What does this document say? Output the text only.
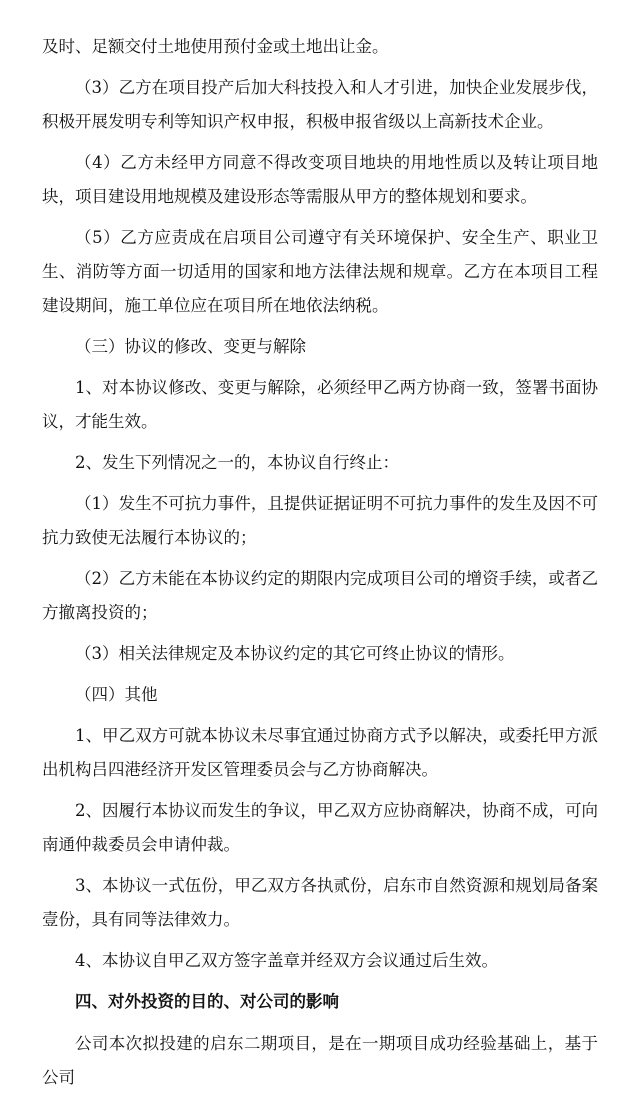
及时、足额交付土地使用预付金或土地出让金。

（3）乙方在项目投产后加大科技投入和人才引进，加快企业发展步伐，积极开展发明专利等知识产权申报，积极申报省级以上高新技术企业。

（4）乙方未经甲方同意不得改变项目地块的用地性质以及转让项目地块，项目建设用地规模及建设形态等需服从甲方的整体规划和要求。

（5）乙方应责成在启项目公司遵守有关环境保护、安全生产、职业卫生、消防等方面一切适用的国家和地方法律法规和规章。乙方在本项目工程建设期间，施工单位应在项目所在地依法纳税。

（三）协议的修改、变更与解除

1、对本协议修改、变更与解除，必须经甲乙两方协商一致，签署书面协议，才能生效。

2、发生下列情况之一的，本协议自行终止：

（1）发生不可抗力事件，且提供证据证明不可抗力事件的发生及因不可抗力致使无法履行本协议的；

（2）乙方未能在本协议约定的期限内完成项目公司的增资手续，或者乙方撤离投资的；

（3）相关法律规定及本协议约定的其它可终止协议的情形。

（四）其他

1、甲乙双方可就本协议未尽事宜通过协商方式予以解决，或委托甲方派出机构吕四港经济开发区管理委员会与乙方协商解决。

2、因履行本协议而发生的争议，甲乙双方应协商解决，协商不成，可向南通仲裁委员会申请仲裁。

3、本协议一式伍份，甲乙双方各执贰份，启东市自然资源和规划局备案壹份，具有同等法律效力。

4、本协议自甲乙双方签字盖章并经双方会议通过后生效。

四、对外投资的目的、对公司的影响

公司本次拟投建的启东二期项目，是在一期项目成功经验基础上，基于公司
